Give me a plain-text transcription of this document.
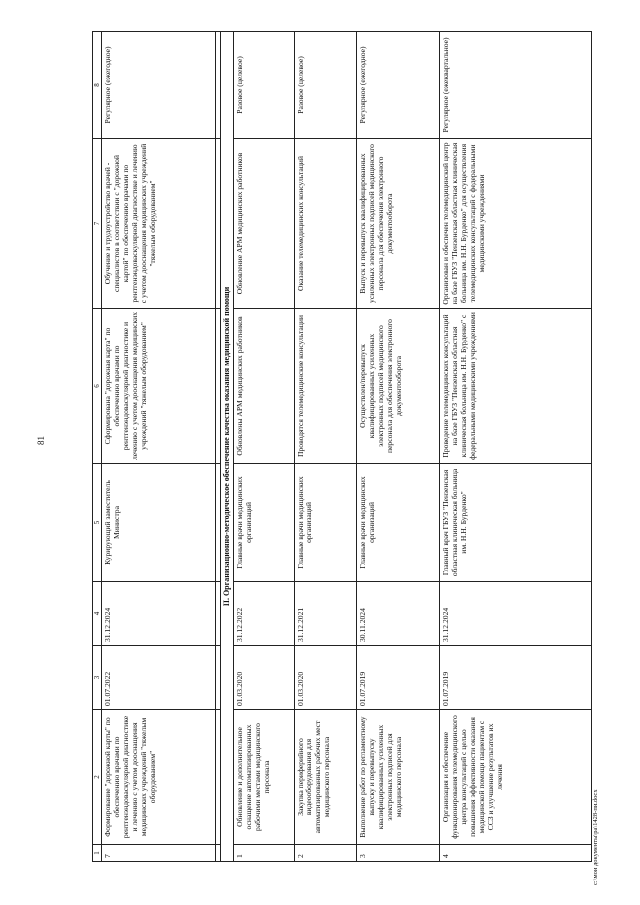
81
1	2	3	4	5	6	7	8
7	Формирование "дорожной карты" по обеспечению врачами по рентгенэндоваскулярной диагностике и лечению с учетом дооснащения медицинских учреждений "тяжелым оборудованием"	01.07.2022	31.12.2024	Курирующий заместитель Министра	Сформирована "дорожная карта" по обеспечению врачами по рентгенэндоваскулярной диагностике и лечению с учетом дооснащения медицинских учреждений "тяжелым оборудованием"	Обучение и трудоустройство врачей - специалистов в соответствии с "дорожной картой" по обеспечению врачами по рентгенэндоваскулярной диагностике и лечению с учетом дооснащения медицинских учреждений "тяжелым оборудованием"	Регулярное (ежегодное)

II. Организационно-методическое обеспечение качества оказания медицинской помощи							
1	Обновление и дополнительное оснащение автоматизированных рабочими местами медицинского персонала	01.03.2020	31.12.2022	Главные врачи медицинских организаций	Обновлены АРМ медицинских работников	Обновление АРМ медицинских работников	Разовое (целевое)
2	Закупка периферийного видеооборудования для автоматизированных рабочих мест медицинского персонала	01.03.2020	31.12.2021	Главные врачи медицинских организаций	Проводятся телемедицинские консультации	Оказание телемедицинских консультаций	Разовое (целевое)
3	Выполнение работ по регламентному выпуску и перевыпуску квалифицированных усиленных электронных подписей для медицинского персонала	01.07.2019	30.11.2024	Главные врачи медицинских организаций	Осуществлен/перевыпуск квалифицированных усиленных электронных подписей медицинского персонала для обеспечения электронного документооборота	Выпуск и перевыпуск квалифицированных усиленных электронных подписей медицинского персонала для обеспечения электронного документооборота	Регулярное (ежегодное)
4	Организация и обеспечение функционирования телемедицинского центра консультаций с целью повышения эффективности оказания медицинской помощи пациентам с ССЗ и улучшение результатов их лечения	01.07.2019	31.12.2024	Главный врач ГБУЗ "Пензенская областная клиническая больница им. Н.Н. Бурденко"	Проведение телемедицинских консультаций на базе ГБУЗ "Пензенская областная клиническая больница им. Н.Н. Бурденко" с федеральными медицинскими учреждениями	Организован и обеспечен телемедицинский центр на базе ГБУЗ "Пензенская областная клиническая больница им. Н.Н. Бурденко" для осуществления телемедицинских консультаций с федеральными медицинскими учреждениями	Регулярное (ежеквартальное)
c:\мои документы\ра\1428-пи.docx
